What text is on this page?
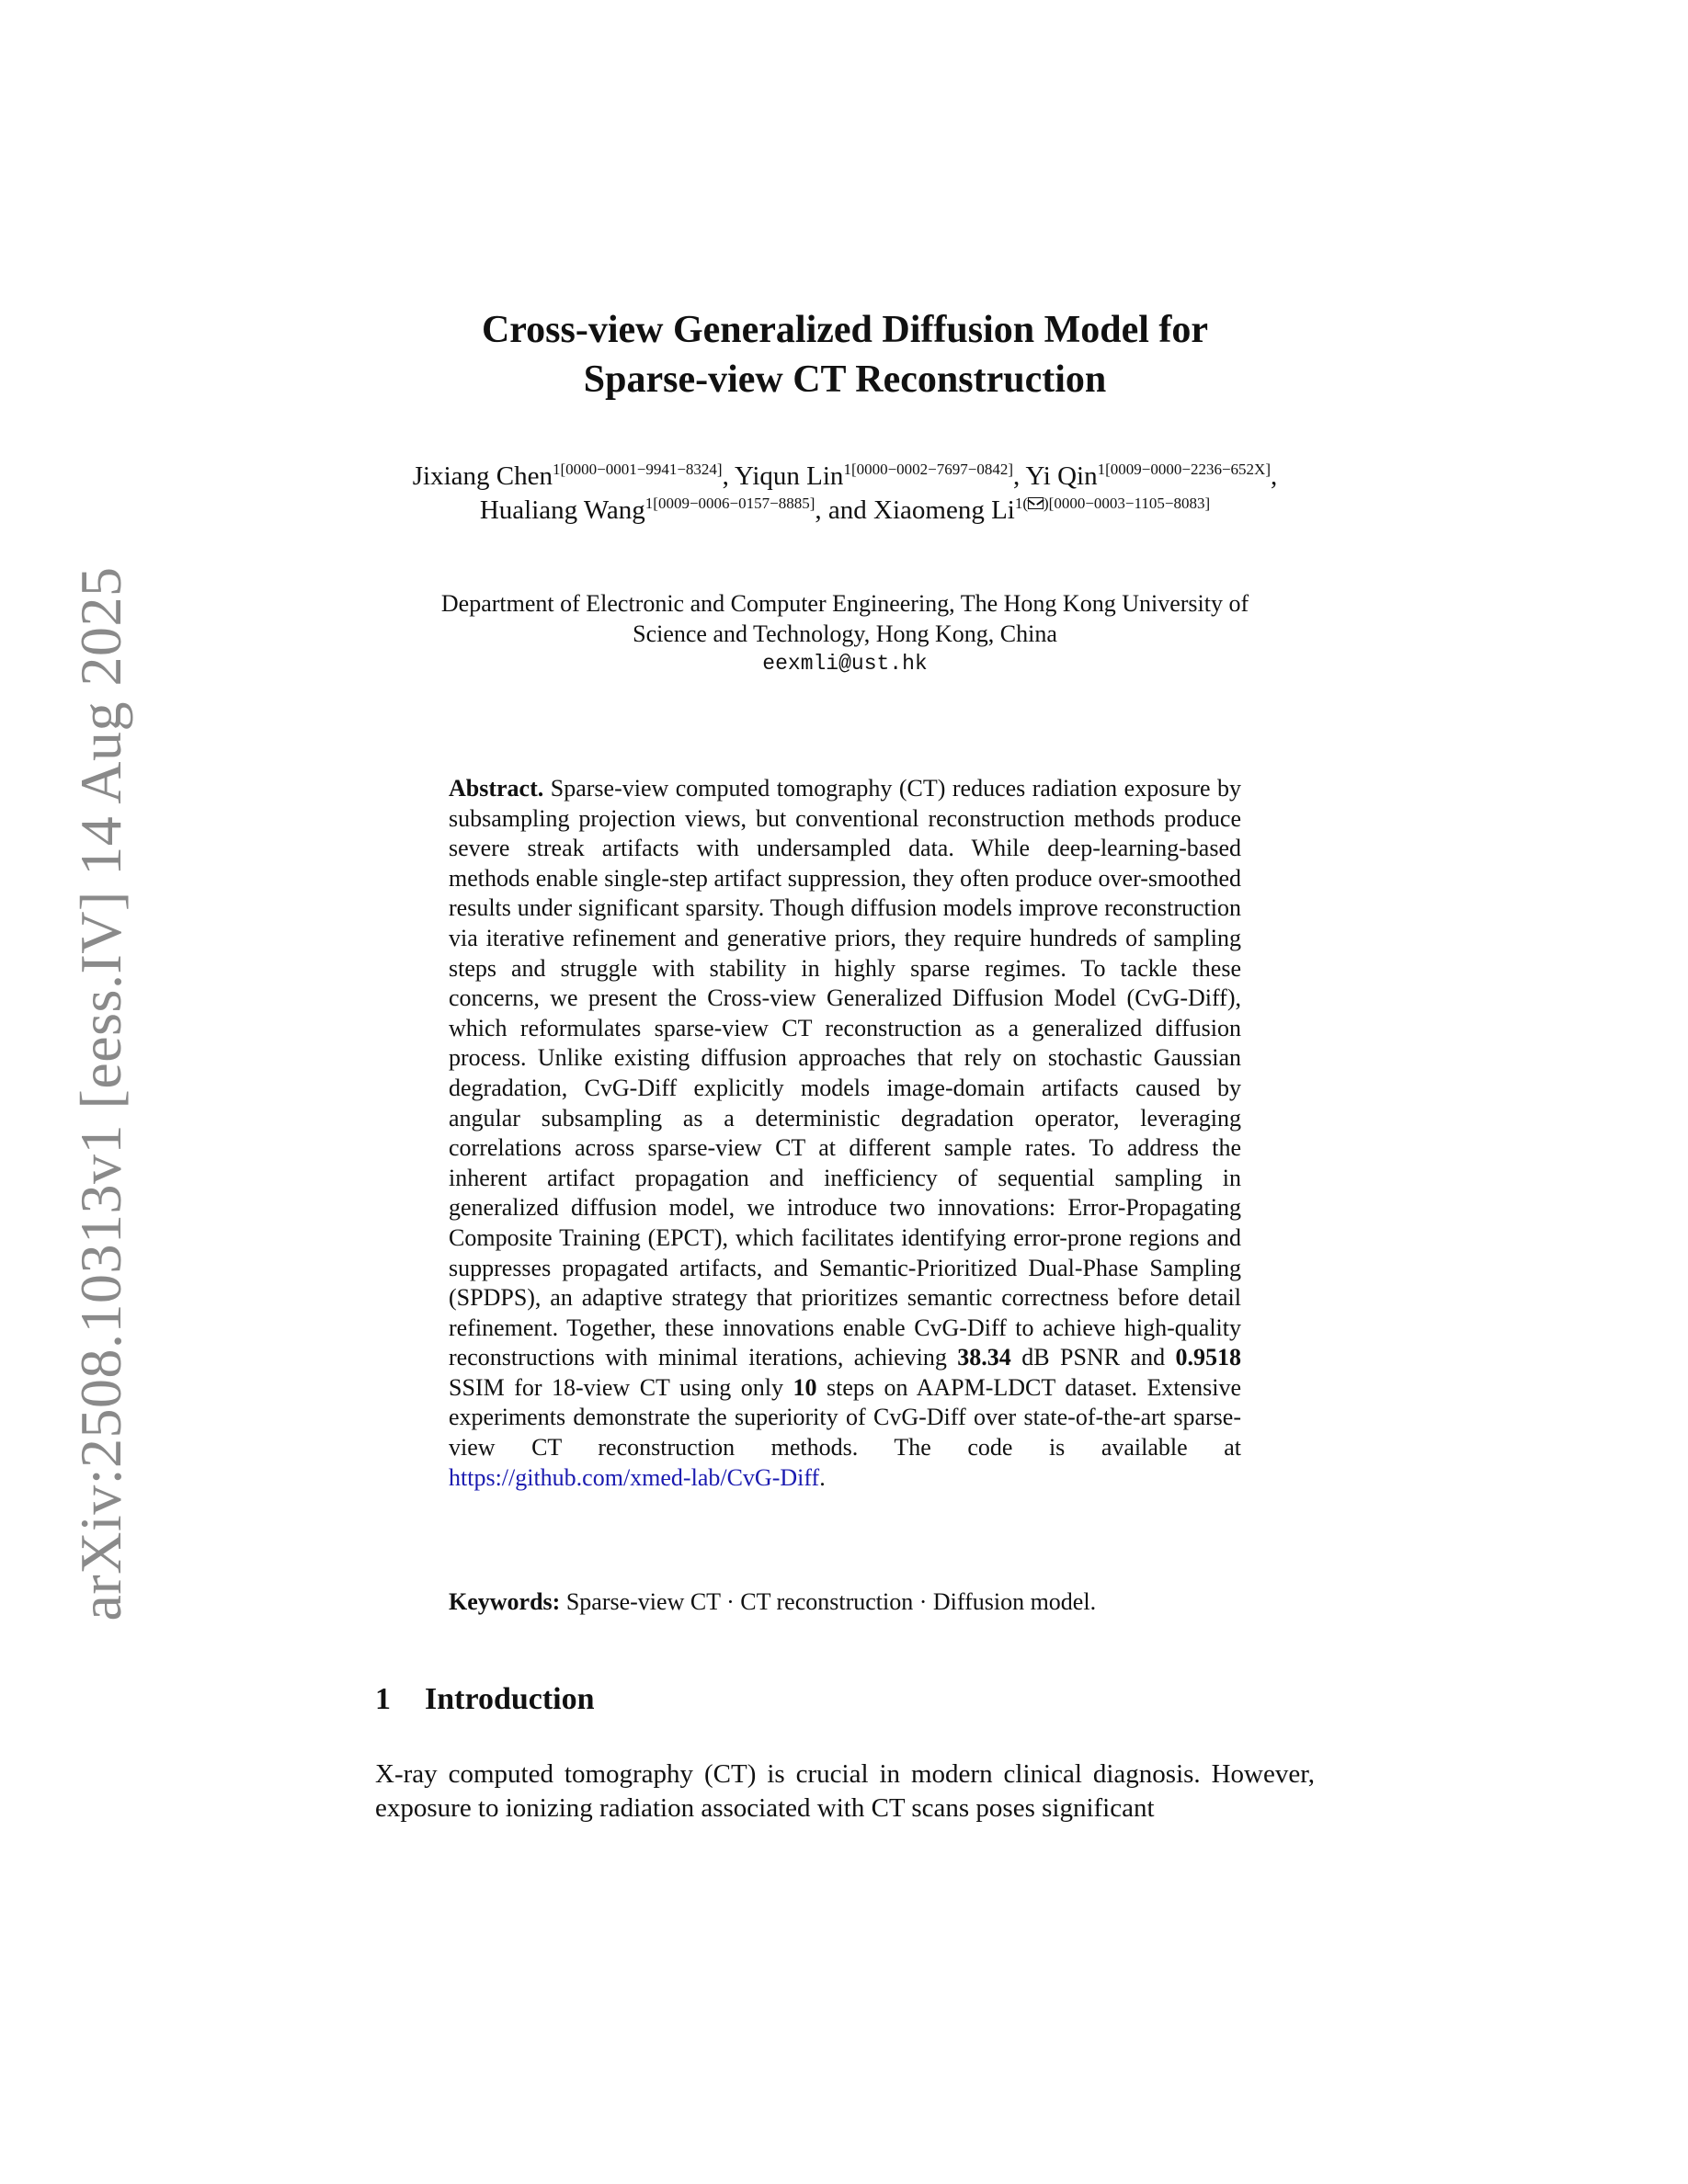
arXiv:2508.10313v1 [eess.IV] 14 Aug 2025
Cross-view Generalized Diffusion Model for
Sparse-view CT Reconstruction
Jixiang Chen$^{1[0000-0001-9941-8324]}$, Yiqun Lin$^{1[0000-0002-7697-0842]}$, Yi Qin$^{1[0009-0000-2236-652X]}$, Hualiang Wang$^{1[0009-0006-0157-8885]}$, and Xiaomeng $Li^{1( )[0000-0003-1105-8083]}$
Department of Electronic and Computer Engineering, The Hong Kong University of
Science and Technology, Hong Kong, China
eexmli@ust.hk
Abstract. Sparse-view computed tomography (CT) reduces radiation exposure by subsampling projection views, but conventional reconstruction methods produce severe streak artifacts with undersampled data. While deep-learning-based methods enable single-step artifact suppression, they often produce over-smoothed results under significant sparsity. Though diffusion models improve reconstruction via iterative refinement and generative priors, they require hundreds of sampling steps and struggle with stability in highly sparse regimes. To tackle these concerns, we present the Cross-view Generalized Diffusion Model (CvG-Diff), which reformulates sparse-view CT reconstruction as a generalized diffusion process. Unlike existing diffusion approaches that rely on stochastic Gaussian degradation, CvG-Diff explicitly models image-domain artifacts caused by angular subsampling as a deterministic degradation operator, leveraging correlations across sparse-view CT at different sample rates. To address the inherent artifact propagation and inefficiency of sequential sampling in generalized diffusion model, we introduce two innovations: Error-Propagating Composite Training (EPCT), which facilitates identifying error-prone regions and suppresses propagated artifacts, and Semantic-Prioritized Dual-Phase Sampling (SPDPS), an adaptive strategy that prioritizes semantic correctness before detail refinement. Together, these innovations enable CvG-Diff to achieve high-quality reconstructions with minimal iterations, achieving 38.34 dB PSNR and 0.9518 SSIM for 18-view CT using only 10 steps on AAPM-LDCT dataset. Extensive experiments demonstrate the superiority of CvG-Diff over state-of-the-art sparse-view CT reconstruction methods. The code is available at https://github.com/xmed-lab/CvG-Diff.
Keywords: Sparse-view CT · CT reconstruction · Diffusion model.
1 Introduction
X-ray computed tomography (CT) is crucial in modern clinical diagnosis. However, exposure to ionizing radiation associated with CT scans poses significant
